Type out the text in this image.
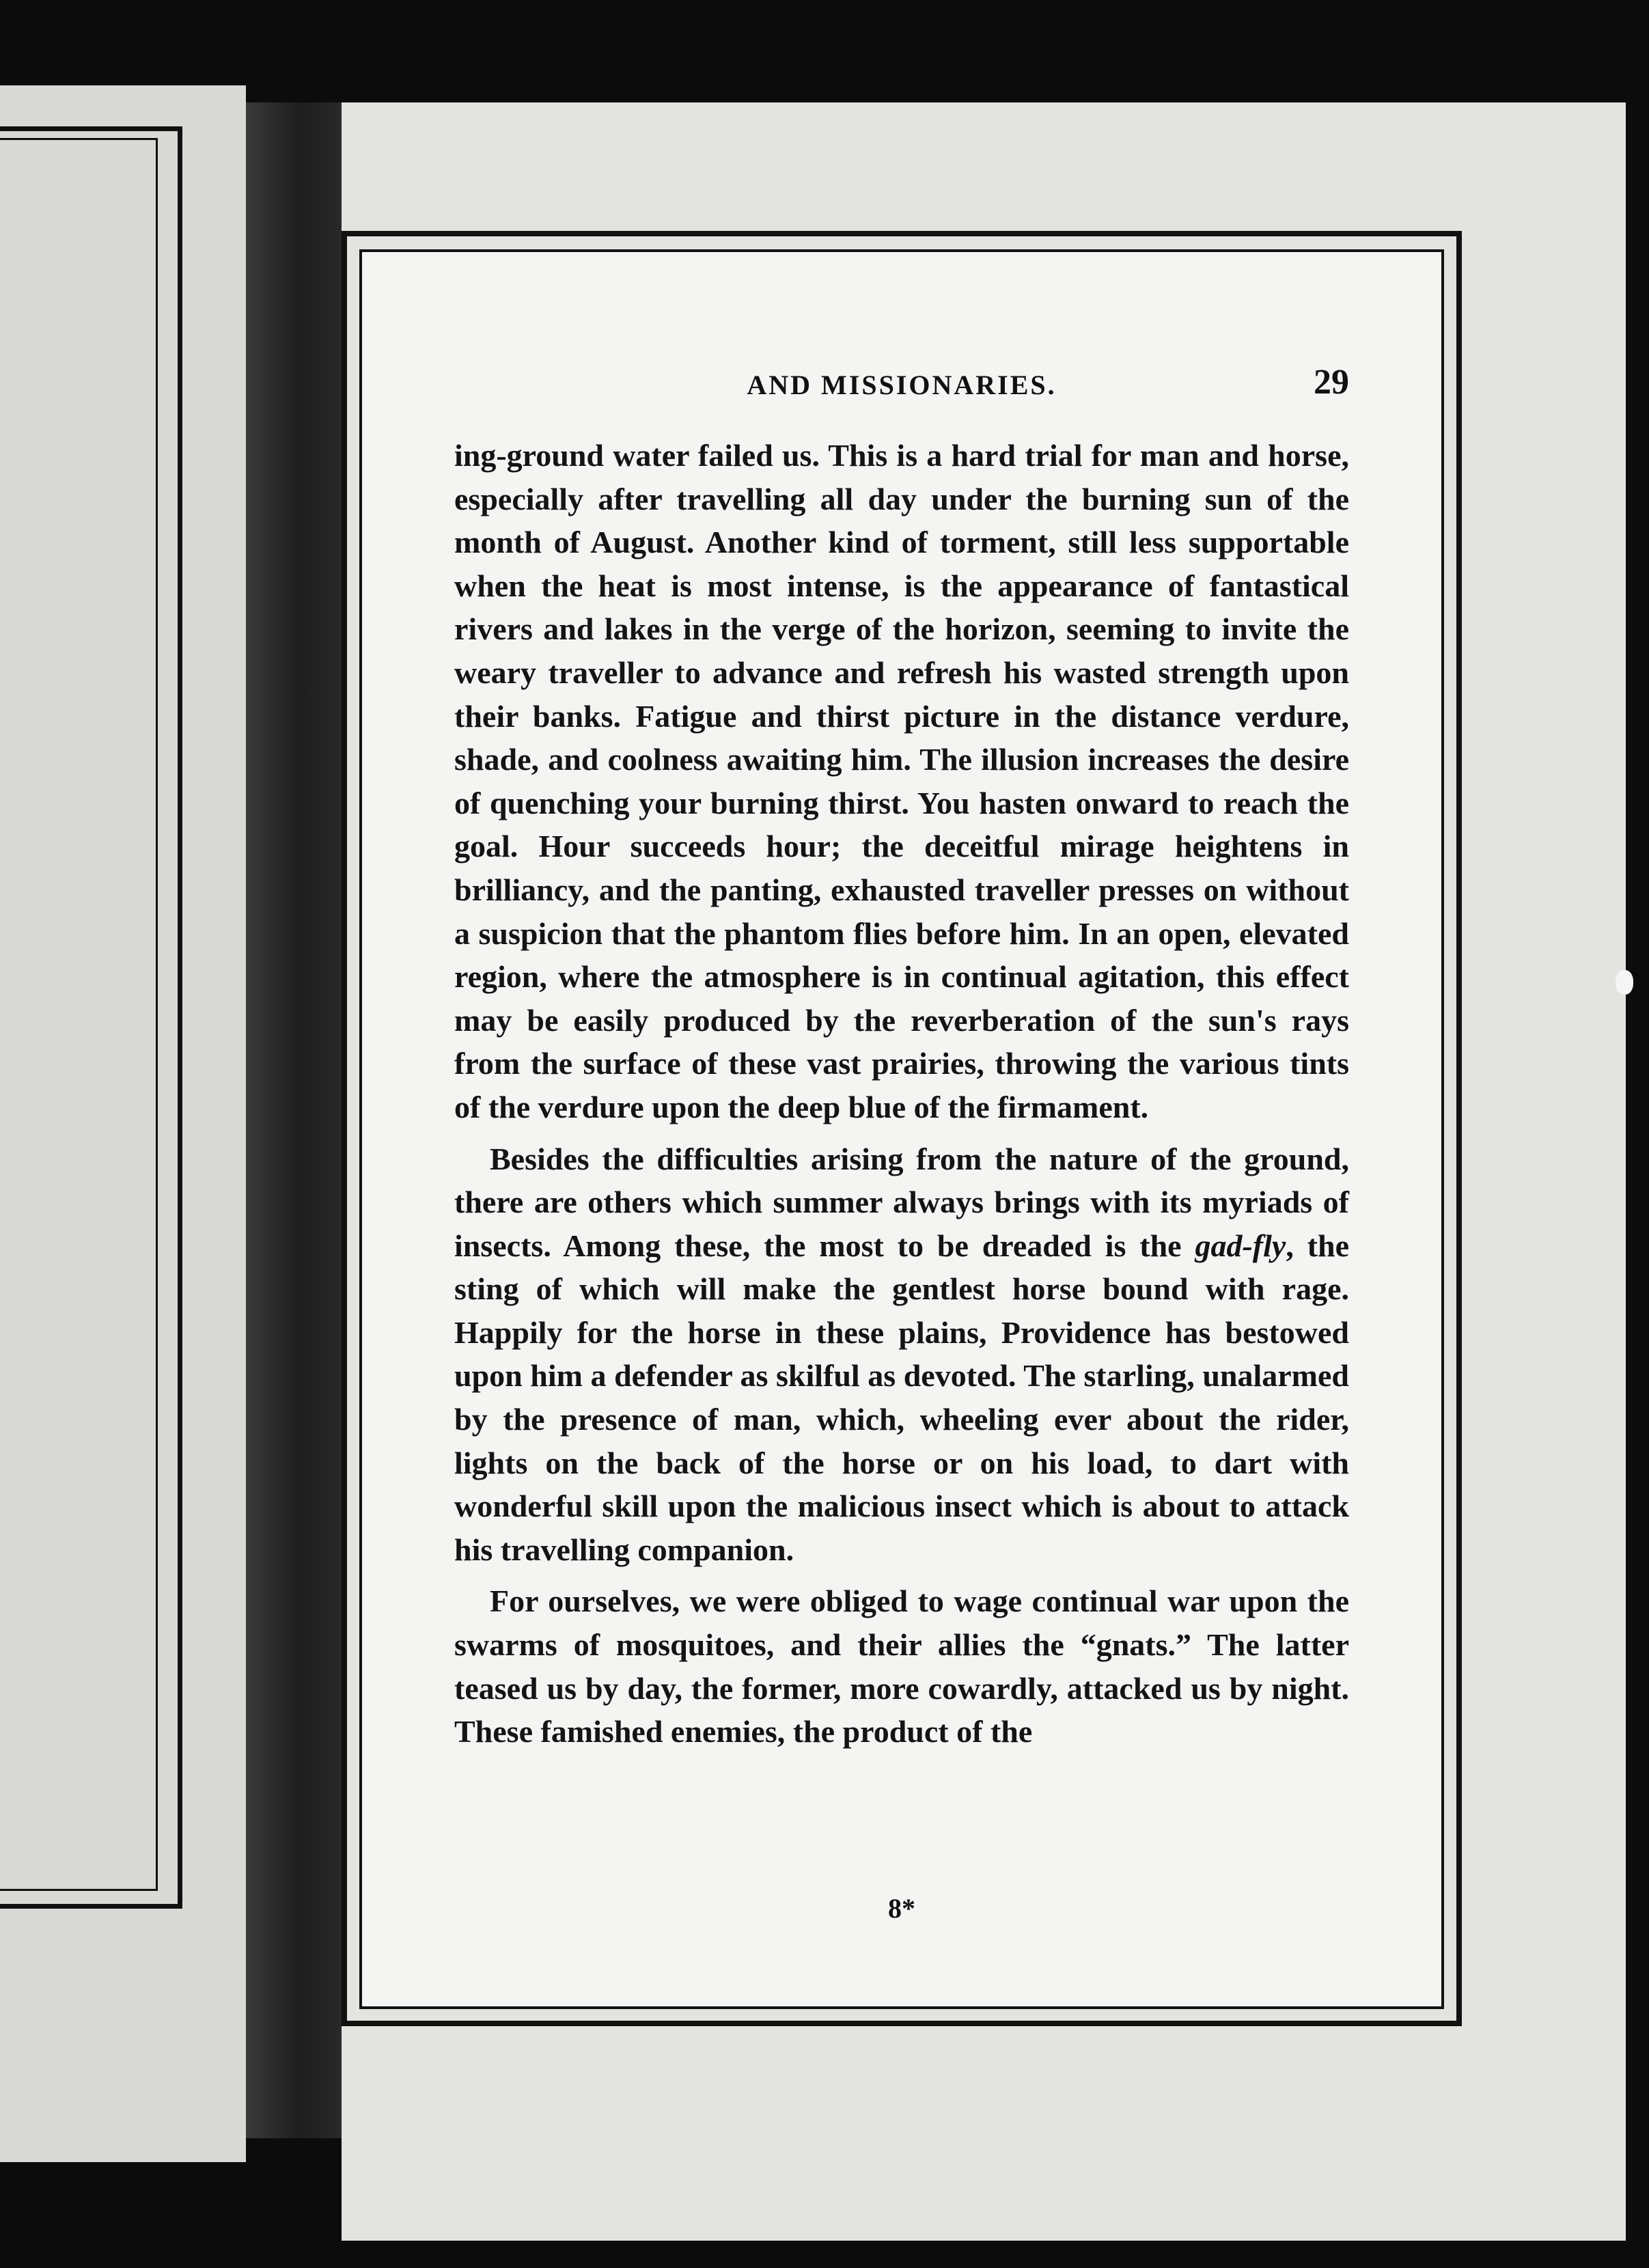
AND MISSIONARIES.	29

ing-ground water failed us. This is a hard trial for man and horse, especially after travelling all day under the burning sun of the month of August. Another kind of torment, still less supportable when the heat is most intense, is the appearance of fantastical rivers and lakes in the verge of the horizon, seeming to invite the weary traveller to advance and refresh his wasted strength upon their banks. Fatigue and thirst picture in the distance verdure, shade, and coolness awaiting him. The illusion increases the desire of quenching your burning thirst. You hasten onward to reach the goal. Hour succeeds hour; the deceitful mirage heightens in brilliancy, and the panting, exhausted traveller presses on without a suspicion that the phantom flies before him. In an open, elevated region, where the atmosphere is in continual agitation, this effect may be easily produced by the reverberation of the sun's rays from the surface of these vast prairies, throwing the various tints of the verdure upon the deep blue of the firmament.

Besides the difficulties arising from the nature of the ground, there are others which summer always brings with its myriads of insects. Among these, the most to be dreaded is the gad-fly, the sting of which will make the gentlest horse bound with rage. Happily for the horse in these plains, Providence has bestowed upon him a defender as skilful as devoted. The starling, unalarmed by the presence of man, which, wheeling ever about the rider, lights on the back of the horse or on his load, to dart with wonderful skill upon the malicious insect which is about to attack his travelling companion.

For ourselves, we were obliged to wage continual war upon the swarms of mosquitoes, and their allies the “gnats.” The latter teased us by day, the former, more cowardly, attacked us by night. These famished enemies, the product of the

8*
